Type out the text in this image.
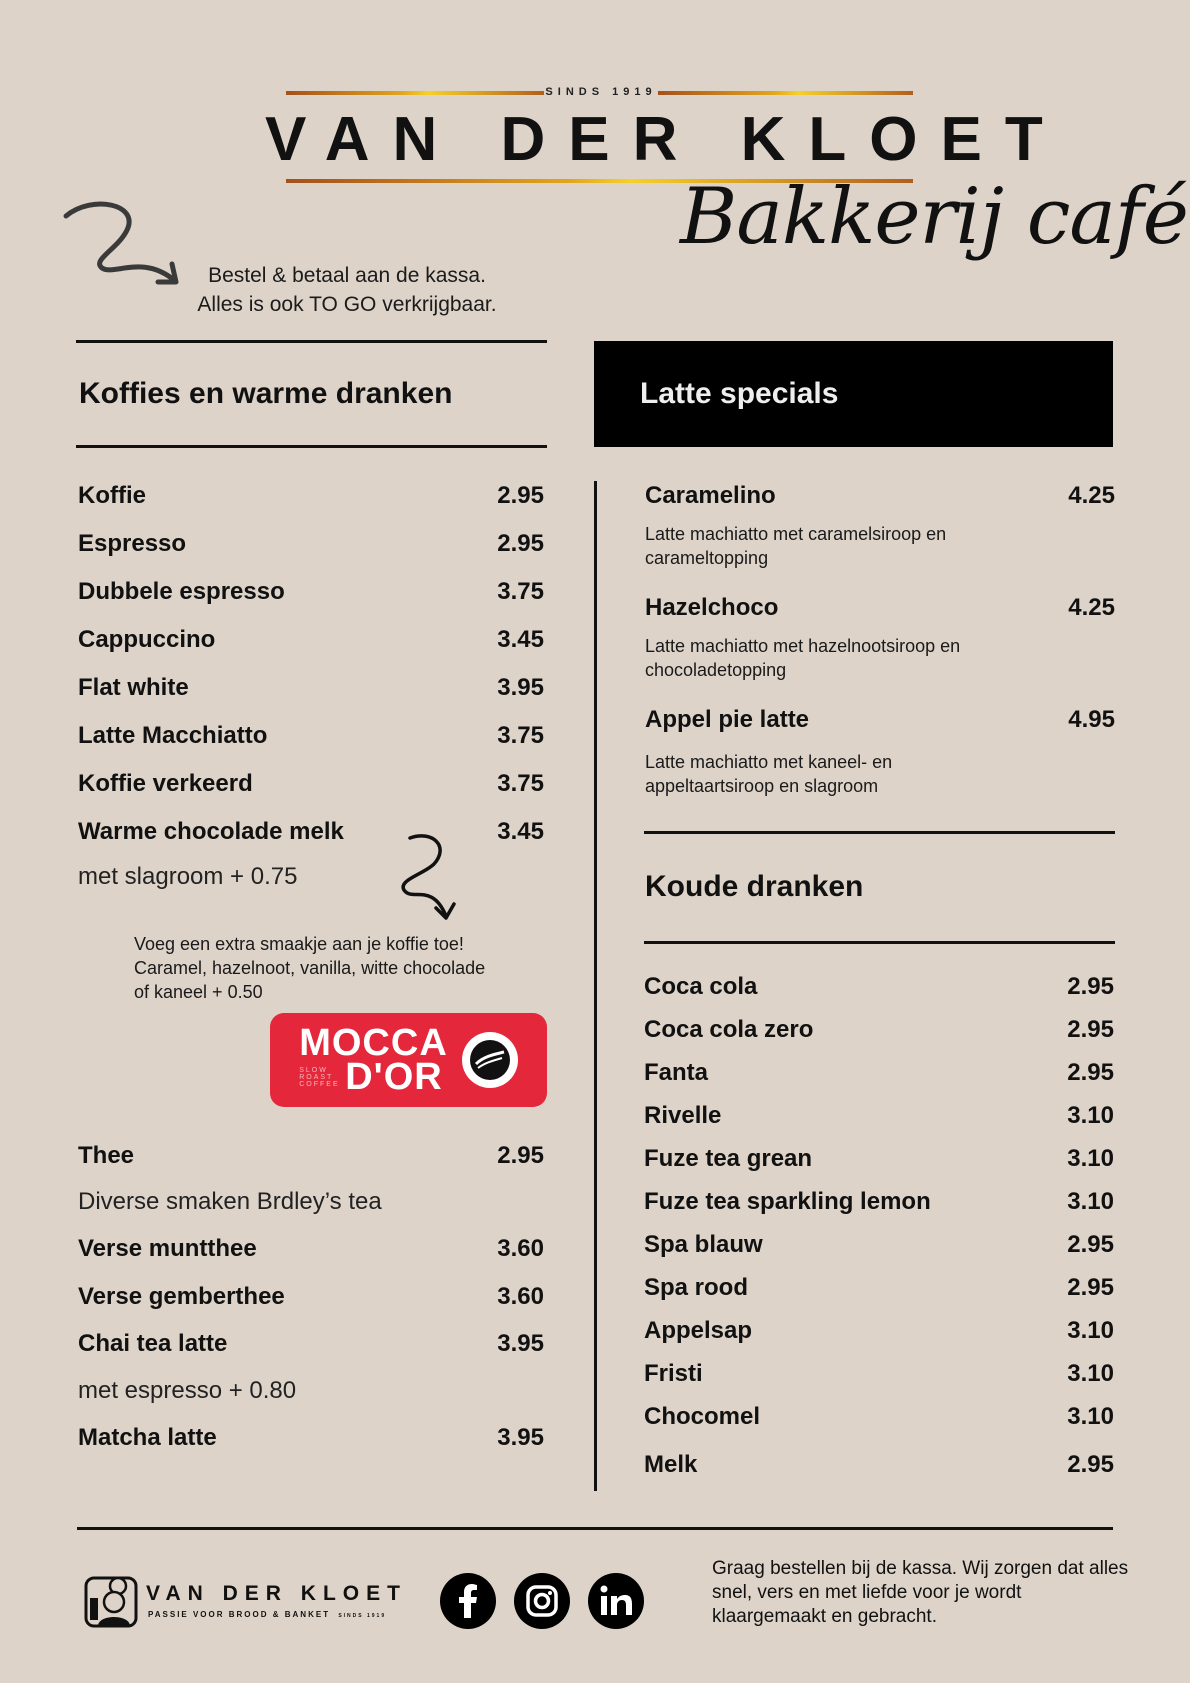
SINDS 1919
VAN DER KLOET
Bakkerij café
Bestel & betaal aan de kassa.
Alles is ook TO GO verkrijgbaar.
Koffies en warme dranken
Koffie	2.95
Espresso	2.95
Dubbele espresso	3.75
Cappuccino	3.45
Flat white	3.95
Latte Macchiatto	3.75
Koffie verkeerd	3.75
Warme chocolade melk	3.45
met slagroom + 0.75
Voeg een extra smaakje aan je koffie toe!
Caramel, hazelnoot, vanilla, witte chocolade
of kaneel + 0.50
MOCCA
SLOW ROAST COFFEE D'OR
Thee	2.95
Diverse smaken Brdley’s tea
Verse muntthee	3.60
Verse gemberthee	3.60
Chai tea latte	3.95
met espresso + 0.80
Matcha latte	3.95
Latte specials
Caramelino	4.25
Latte machiatto met caramelsiroop en
carameltopping
Hazelchoco	4.25
Latte machiatto met hazelnootsiroop en
chocoladetopping
Appel pie latte	4.95
Latte machiatto met kaneel- en
appeltaartsiroop en slagroom
Koude dranken
Coca cola	2.95
Coca cola zero	2.95
Fanta	2.95
Rivelle	3.10
Fuze tea grean	3.10
Fuze tea sparkling lemon	3.10
Spa blauw	2.95
Spa rood	2.95
Appelsap	3.10
Fristi	3.10
Chocomel	3.10
Melk	2.95
VAN DER KLOET
PASSIE VOOR BROOD & BANKET SINDS 1919
Graag bestellen bij de kassa. Wij zorgen dat alles
snel, vers en met liefde voor je wordt
klaargemaakt en gebracht.
